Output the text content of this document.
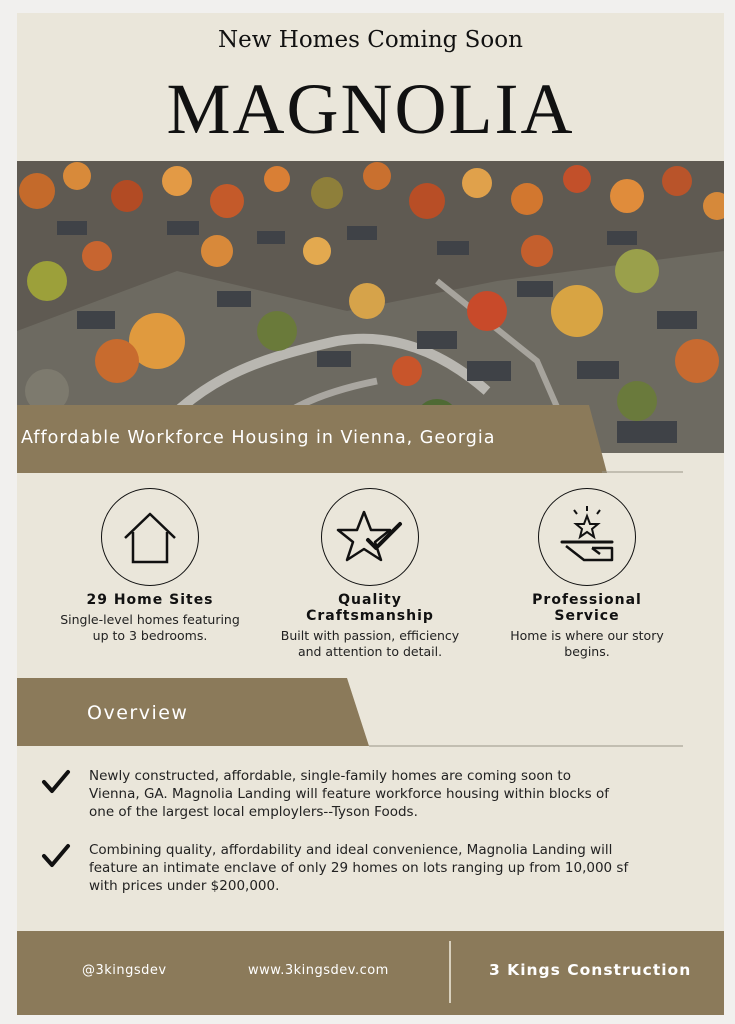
New Homes Coming Soon
MAGNOLIA
Affordable Workforce Housing in Vienna, Georgia
29 Home Sites
Single-level homes featuring
up to 3 bedrooms.
Quality
Craftsmanship
Built with passion, efficiency
and attention to detail.
Professional
Service
Home is where our story
begins.
Overview
Newly constructed, affordable, single-family homes are coming soon to
Vienna, GA. Magnolia Landing will feature workforce housing within blocks of
one of the largest local employlers--Tyson Foods.
Combining quality, affordability and ideal convenience, Magnolia Landing will
feature an intimate enclave of only 29 homes on lots ranging up from 10,000 sf
with prices under $200,000.
@3kingsdev	www.3kingsdev.com	3 Kings Construction
